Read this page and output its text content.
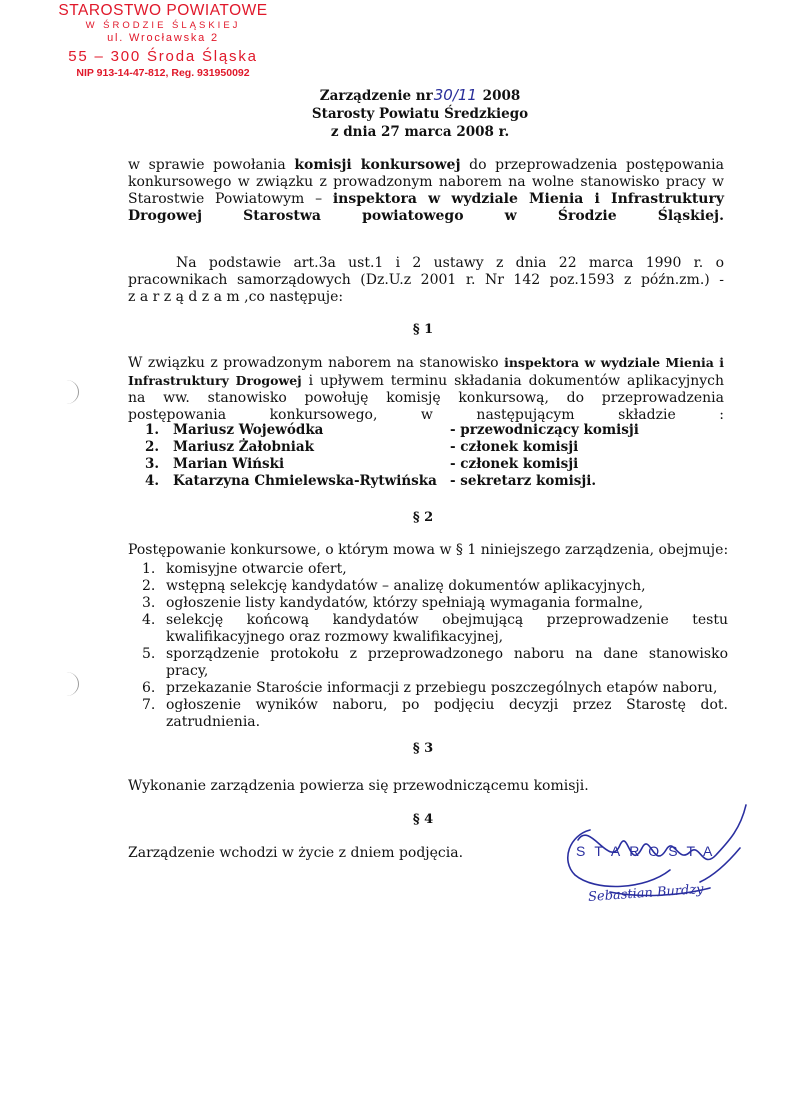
STAROSTWO POWIATOWE
W ŚRODZIE ŚLĄSKIEJ
ul. Wrocławska 2
55 – 300 Środa Śląska
NIP 913-14-47-812, Reg. 931950092
Zarządzenie nr30/11 2008
Starosty Powiatu Średzkiego
z dnia 27 marca 2008 r.
w sprawie powołania komisji konkursowej do przeprowadzenia postępowania konkursowego w związku z prowadzonym naborem na wolne stanowisko pracy w Starostwie Powiatowym – inspektora w wydziale Mienia i Infrastruktury Drogowej Starostwa powiatowego w Środzie Śląskiej.
Na podstawie art.3a ust.1 i 2 ustawy z dnia 22 marca 1990 r. o
pracownikach samorządowych (Dz.U.z 2001 r. Nr 142 poz.1593 z późn.zm.) -
z a r z ą d z a m ,co następuje:
§ 1
W związku z prowadzonym naborem na stanowisko inspektora w wydziale Mienia i Infrastruktury Drogowej i upływem terminu składania dokumentów aplikacyjnych na ww. stanowisko powołuję komisję konkursową, do przeprowadzenia postępowania konkursowego, w następującym składzie :
1.	Mariusz Wojewódka	- przewodniczący komisji
2.	Mariusz Żałobniak	- członek komisji
3.	Marian Wiński	- członek komisji
4.	Katarzyna Chmielewska-Rytwińska - sekretarz komisji.
§ 2
Postępowanie konkursowe, o którym mowa w § 1 niniejszego zarządzenia, obejmuje:
1. komisyjne otwarcie ofert,
2. wstępną selekcję kandydatów – analizę dokumentów aplikacyjnych,
3. ogłoszenie listy kandydatów, którzy spełniają wymagania formalne,
4. selekcję końcową kandydatów obejmującą przeprowadzenie testu kwalifikacyjnego oraz rozmowy kwalifikacyjnej,
5. sporządzenie protokołu z przeprowadzonego naboru na dane stanowisko pracy,
6. przekazanie Staroście informacji z przebiegu poszczególnych etapów naboru,
7. ogłoszenie wyników naboru, po podjęciu decyzji przez Starostę dot. zatrudnienia.
§ 3
Wykonanie zarządzenia powierza się przewodniczącemu komisji.
§ 4
Zarządzenie wchodzi w życie z dniem podjęcia.	STAROSTA
Sebastian Burdzy
